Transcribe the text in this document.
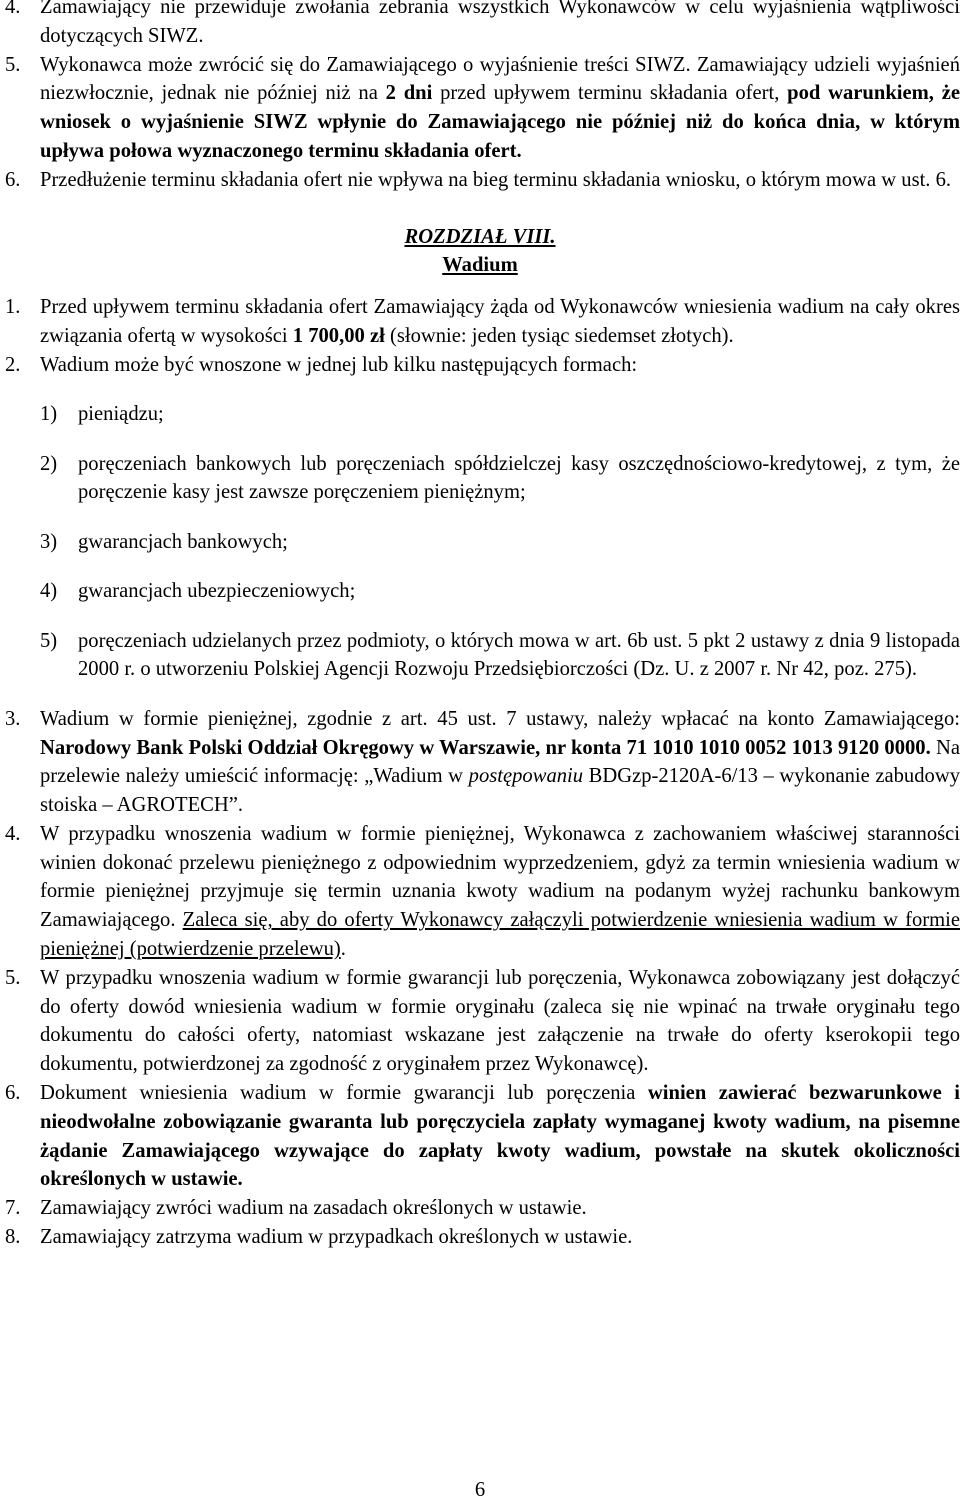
4. Zamawiający nie przewiduje zwołania zebrania wszystkich Wykonawców w celu wyjaśnienia wątpliwości dotyczących SIWZ.

5. Wykonawca może zwrócić się do Zamawiającego o wyjaśnienie treści SIWZ. Zamawiający udzieli wyjaśnień niezwłocznie, jednak nie później niż na 2 dni przed upływem terminu składania ofert, pod warunkiem, że wniosek o wyjaśnienie SIWZ wpłynie do Zamawiającego nie później niż do końca dnia, w którym upływa połowa wyznaczonego terminu składania ofert.

6. Przedłużenie terminu składania ofert nie wpływa na bieg terminu składania wniosku, o którym mowa w ust. 6.

ROZDZIAŁ VIII.
Wadium

1. Przed upływem terminu składania ofert Zamawiający żąda od Wykonawców wniesienia wadium na cały okres związania ofertą w wysokości 1 700,00 zł (słownie: jeden tysiąc siedemset złotych).

2. Wadium może być wnoszone w jednej lub kilku następujących formach:

1) pieniądzu;

2) poręczeniach bankowych lub poręczeniach spółdzielczej kasy oszczędnościowo-kredytowej, z tym, że poręczenie kasy jest zawsze poręczeniem pieniężnym;

3) gwarancjach bankowych;

4) gwarancjach ubezpieczeniowych;

5) poręczeniach udzielanych przez podmioty, o których mowa w art. 6b ust. 5 pkt 2 ustawy z dnia 9 listopada 2000 r. o utworzeniu Polskiej Agencji Rozwoju Przedsiębiorczości (Dz. U. z 2007 r. Nr 42, poz. 275).

3. Wadium w formie pieniężnej, zgodnie z art. 45 ust. 7 ustawy, należy wpłacać na konto Zamawiającego: Narodowy Bank Polski Oddział Okręgowy w Warszawie, nr konta 71 1010 1010 0052 1013 9120 0000. Na przelewie należy umieścić informację: „Wadium w postępowaniu BDGzp-2120A-6/13 – wykonanie zabudowy stoiska – AGROTECH”.

4. W przypadku wnoszenia wadium w formie pieniężnej, Wykonawca z zachowaniem właściwej staranności winien dokonać przelewu pieniężnego z odpowiednim wyprzedzeniem, gdyż za termin wniesienia wadium w formie pieniężnej przyjmuje się termin uznania kwoty wadium na podanym wyżej rachunku bankowym Zamawiającego. Zaleca się, aby do oferty Wykonawcy załączyli potwierdzenie wniesienia wadium w formie pieniężnej (potwierdzenie przelewu).

5. W przypadku wnoszenia wadium w formie gwarancji lub poręczenia, Wykonawca zobowiązany jest dołączyć do oferty dowód wniesienia wadium w formie oryginału (zaleca się nie wpinać na trwałe oryginału tego dokumentu do całości oferty, natomiast wskazane jest załączenie na trwałe do oferty kserokopii tego dokumentu, potwierdzonej za zgodność z oryginałem przez Wykonawcę).

6. Dokument wniesienia wadium w formie gwarancji lub poręczenia winien zawierać bezwarunkowe i nieodwołalne zobowiązanie gwaranta lub poręczyciela zapłaty wymaganej kwoty wadium, na pisemne żądanie Zamawiającego wzywające do zapłaty kwoty wadium, powstałe na skutek okoliczności określonych w ustawie.

7. Zamawiający zwróci wadium na zasadach określonych w ustawie.

8. Zamawiający zatrzyma wadium w przypadkach określonych w ustawie.

6
